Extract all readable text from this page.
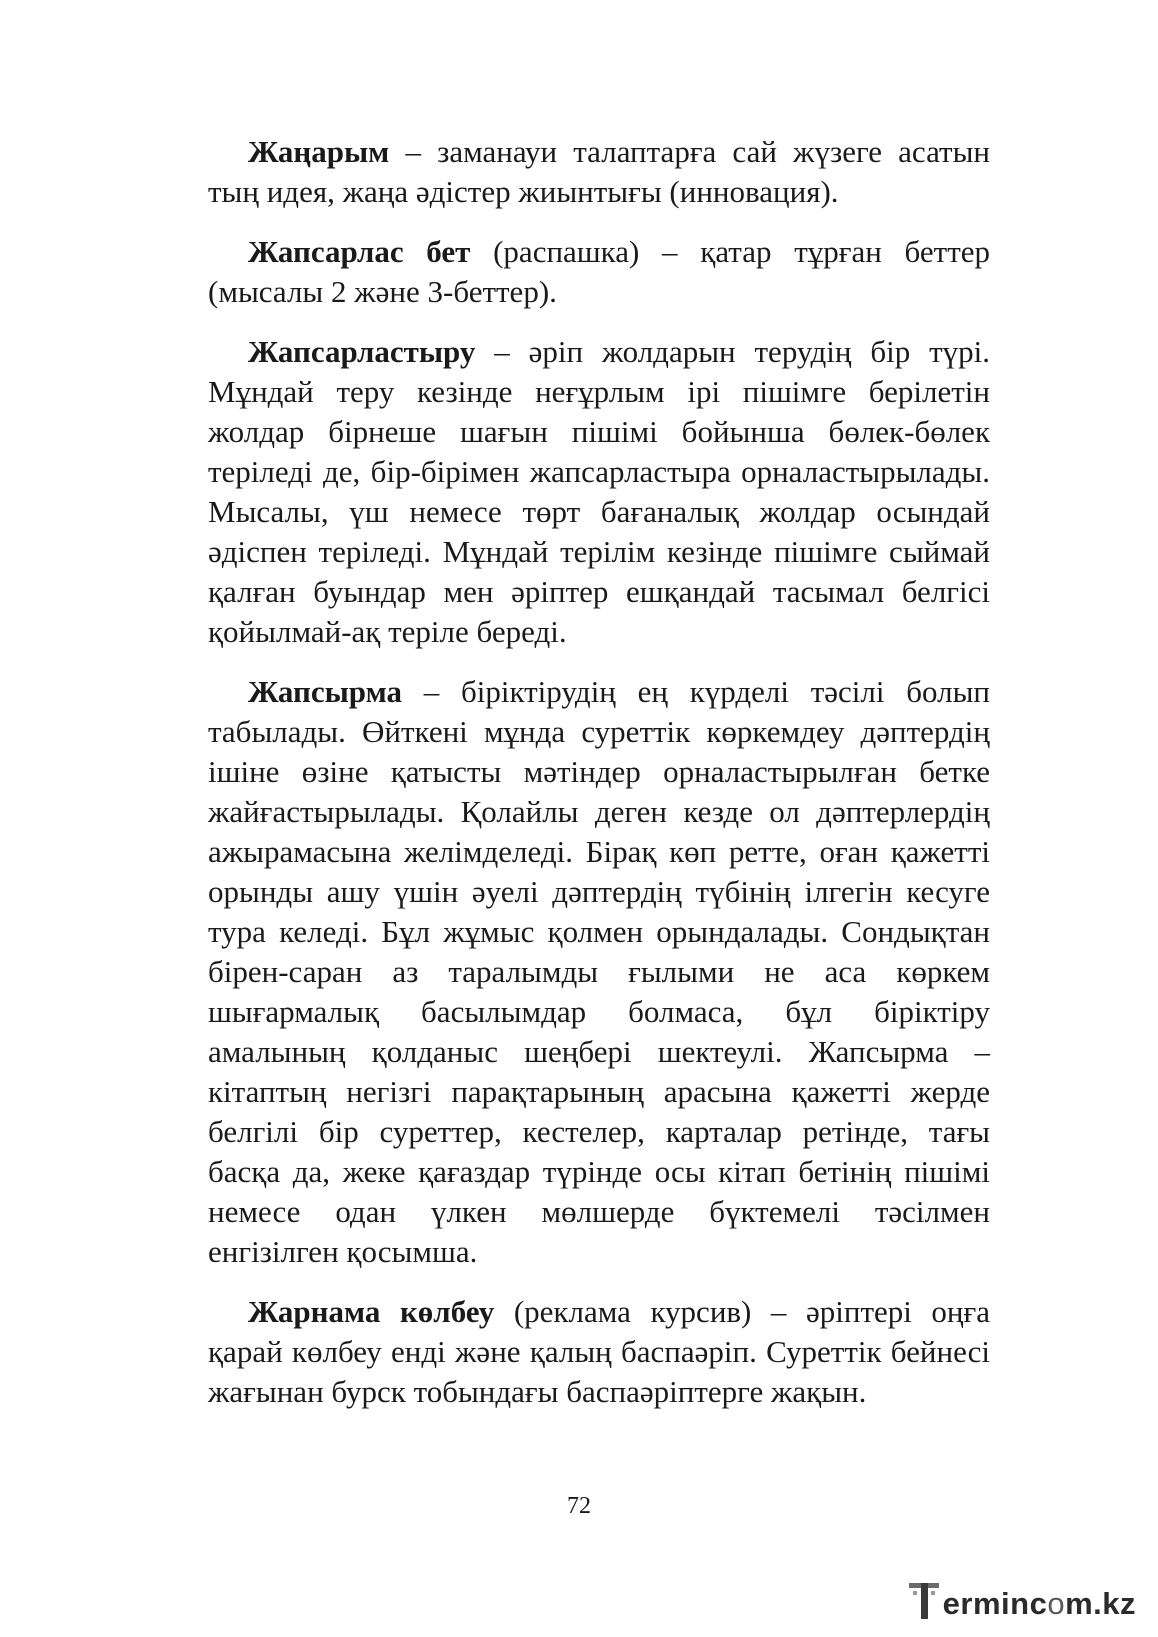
Жаңарым – заманауи талаптарға сай жүзеге асатын тың идея, жаңа әдістер жиынтығы (инновация).

Жапсарлас бет (распашка) – қатар тұрған беттер (мысалы 2 және 3-беттер).

Жапсарластыру – әріп жолдарын терудің бір түрі. Мұндай теру кезінде неғұрлым ірі пішімге берілетін жолдар бірнеше шағын пішімі бойынша бөлек-бөлек теріледі де, бір-бірімен жапсарластыра орналастырылады. Мысалы, үш немесе төрт бағаналық жолдар осындай әдіспен теріледі. Мұндай терілім кезінде пішімге сыймай қалған буындар мен әріптер ешқандай тасымал белгісі қойылмай-ақ теріле береді.

Жапсырма – біріктірудің ең күрделі тәсілі болып табылады. Өйткені мұнда суреттік көркемдеу дәптердің ішіне өзіне қатысты мәтіндер орналастырылған бетке жайғастырылады. Қолайлы деген кезде ол дәптерлердің ажырамасына желімделеді. Бірақ көп ретте, оған қажетті орынды ашу үшін әуелі дәптердің түбінің ілгегін кесуге тура келеді. Бұл жұмыс қолмен орындалады. Сондықтан бірен-саран аз таралымды ғылыми не аса көркем шығармалық басылымдар болмаса, бұл біріктіру амалының қолданыс шеңбері шектеулі. Жапсырма – кітаптың негізгі парақтарының арасына қажетті жерде белгілі бір суреттер, кестелер, карталар ретінде, тағы басқа да, жеке қағаздар түрінде осы кітап бетінің пішімі немесе одан үлкен мөлшерде бүктемелі тәсілмен енгізілген қосымша.

Жарнама көлбеу (реклама курсив) – әріптері оңға қарай көлбеу енді және қалың баспаәріп. Суреттік бейнесі жағынан бурск тобындағы баспаәріптерге жақын.

72
ermincom.kz
